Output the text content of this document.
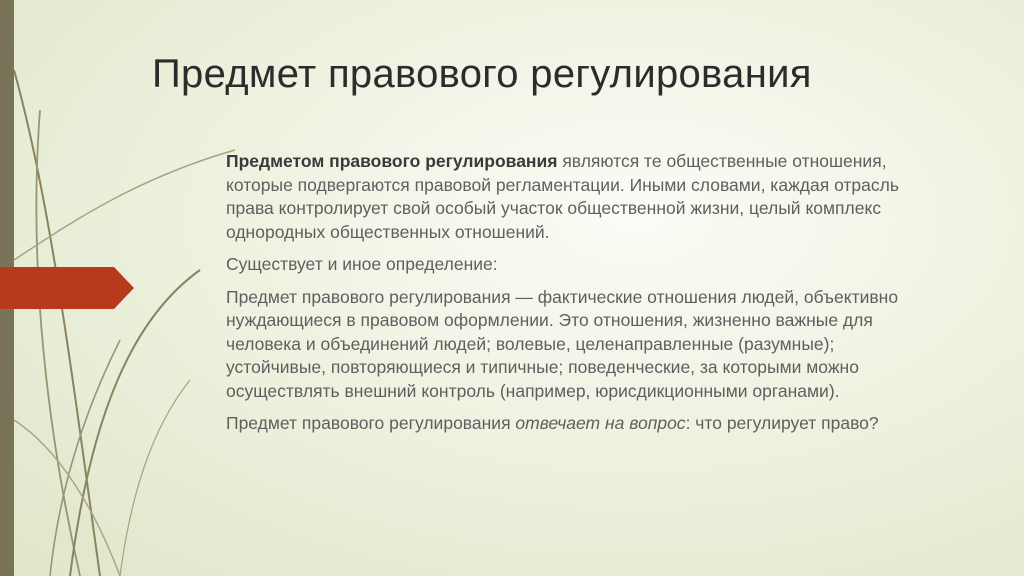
Предмет правового регулирования

Предметом правового регулирования являются те общественные отношения, которые подвергаются правовой регламентации. Иными словами, каждая отрасль права контролирует свой особый участок общественной жизни, целый комплекс однородных общественных отношений.

Существует и иное определение:

Предмет правового регулирования — фактические отношения людей, объективно нуждающиеся в правовом оформлении. Это отношения, жизненно важные для человека и объединений людей; волевые, целенаправленные (разумные); устойчивые, повторяющиеся и типичные; поведенческие, за которыми можно осуществлять внешний контроль (например, юрисдикционными органами).

Предмет правового регулирования отвечает на вопрос: что регулирует право?
